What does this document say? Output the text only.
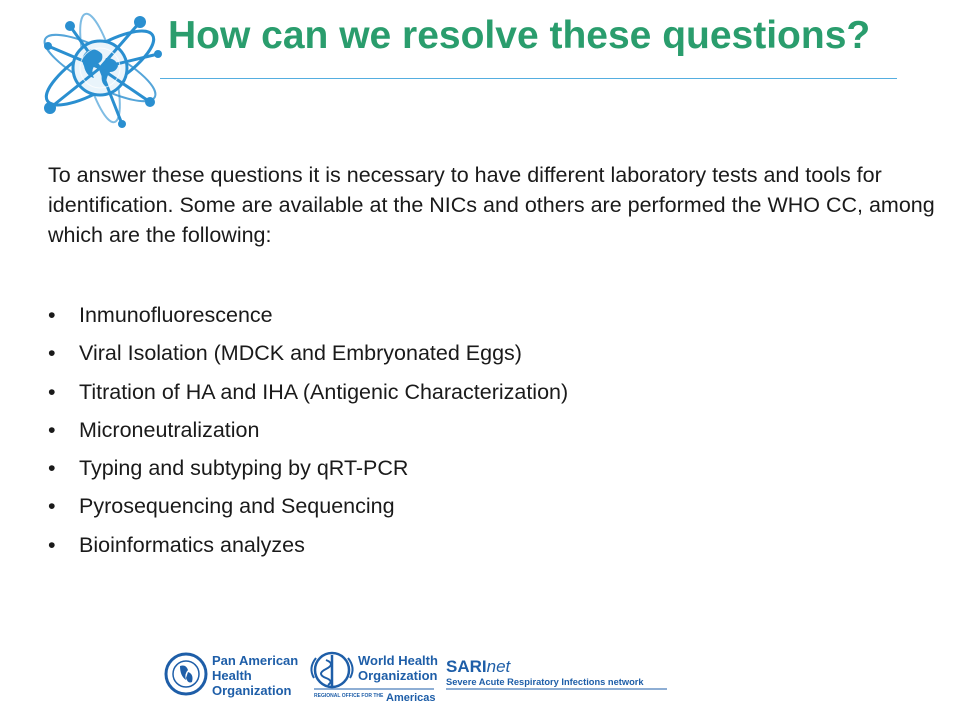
How can we resolve these questions?

To answer these questions it is necessary to have different laboratory tests and tools for identification. Some are available at the NICs and others are performed the WHO CC, among which are the following:

• Inmunofluorescence
• Viral Isolation (MDCK and Embryonated Eggs)
• Titration of HA and IHA (Antigenic Characterization)
• Microneutralization
• Typing and subtyping by qRT-PCR
• Pyrosequencing and Sequencing
• Bioinformatics analyzes
Pan American
Health
Organization
World Health
Organization
REGIONAL OFFICE FOR THE Americas
SARInet
Severe Acute Respiratory Infections network
